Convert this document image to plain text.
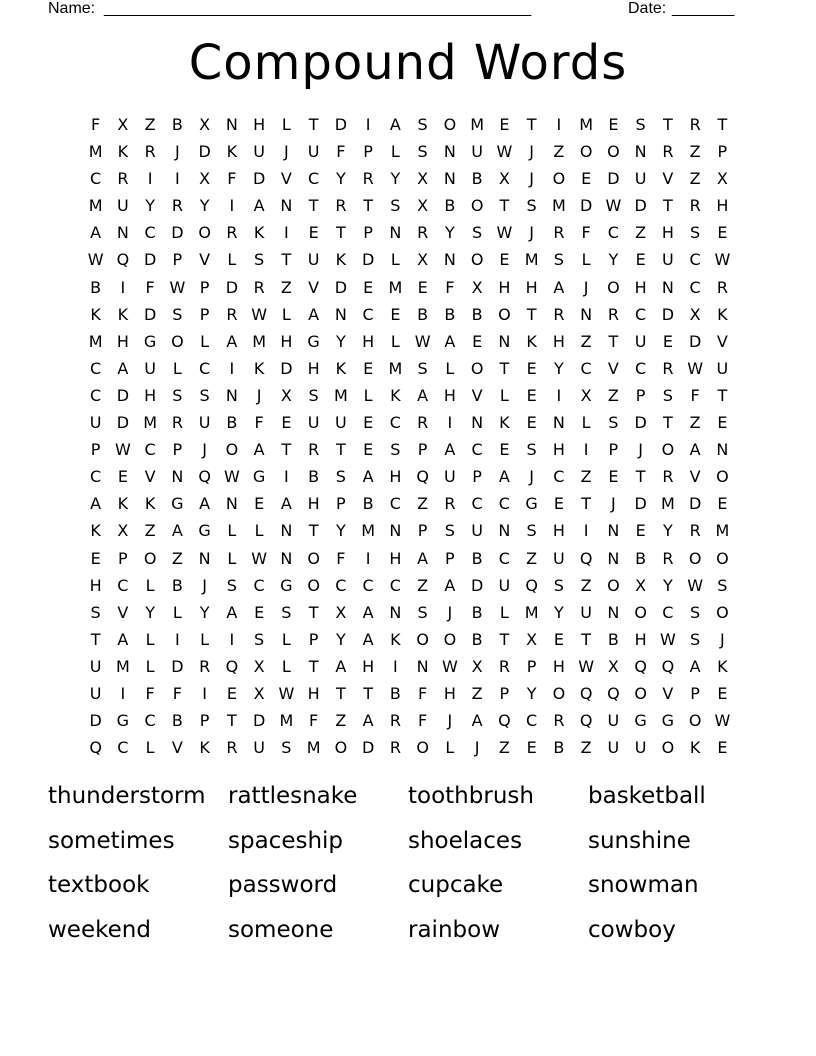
Name: ________________________________________________	Date: _______
Compound Words
F	X	Z	B	X N H	L	T	D	I	A	S O M E	T	I	M E	S	T	R	T
M K	R	J	D K	U	J	U	F	P	L	S	N U W	J	Z O O N R	Z	P
C	R	I	I	X	F	D V	C	Y	R	Y	X N B	X	J	O E	D U V	Z	X
M U	Y	R	Y	I	A N	T	R	T	S	X	B O	T	S M D W D	T	R H
A N C D O R	K	I	E	T	P	N R	Y	S W	J	R	F	C	Z H	S	E
W Q D	P	V	L	S	T	U	K D	L	X N O E M S	L	Y	E	U C W
B	I	F W P	D R	Z	V D	E M E	F	X H H A	J	O H N C	R
K	K D	S	P	R W L	A N C	E	B	B	B O	T	R N R	C D X	K
M H G O	L	A M H G	Y	H	L W A	E	N	K H Z	T	U	E	D V
C	A U	L	C	I	K D H K	E M S	L	O	T	E	Y	C	V	C	R W U
C D H	S	S	N	J	X	S M L	K	A H V	L	E	I	X	Z	P	S	F	T
U D M R U B	F	E	U U	E	C	R	I	N	K	E	N	L	S	D	T	Z	E
P W C	P	J	O A	T	R	T	E	S	P	A	C	E	S	H	I	P	J	O A N
C	E	V N Q W G	I	B	S	A H Q U	P	A	J	C	Z	E	T	R	V O
A	K	K G A N	E	A H	P	B	C	Z	R	C	C G E	T	J	D M D	E
K	X	Z	A G	L	L	N	T	Y M N	P	S	U N	S	H	I	N	E	Y	R M
E	P	O Z N	L W N O	F	I	H A	P	B	C	Z U Q N B	R O O
H C	L	B	J	S	C G O C	C	C	Z	A D U Q S	Z O X	Y W S
S	V	Y	L	Y	A	E	S	T	X	A N	S	J	B	L M Y	U N O C	S O
T	A	L	I	L	I	S	L	P	Y	A	K O O B	T	X	E	T	B H W S	J
U M L	D R Q X	L	T	A H	I	N W X	R	P	H W X Q Q A	K
U	I	F	F	I	E	X W H	T	T	B	F	H Z	P	Y	O Q Q O V	P	E
D G C	B	P	T	D M F	Z	A	R	F	J	A Q C	R Q U G G O W
Q C	L	V	K	R U	S M O D R O	L	J	Z	E	B	Z U U O K	E
thunderstorm rattlesnake	toothbrush	basketball
sometimes	spaceship	shoelaces	sunshine
textbook	password	cupcake	snowman
weekend	someone	rainbow	cowboy
